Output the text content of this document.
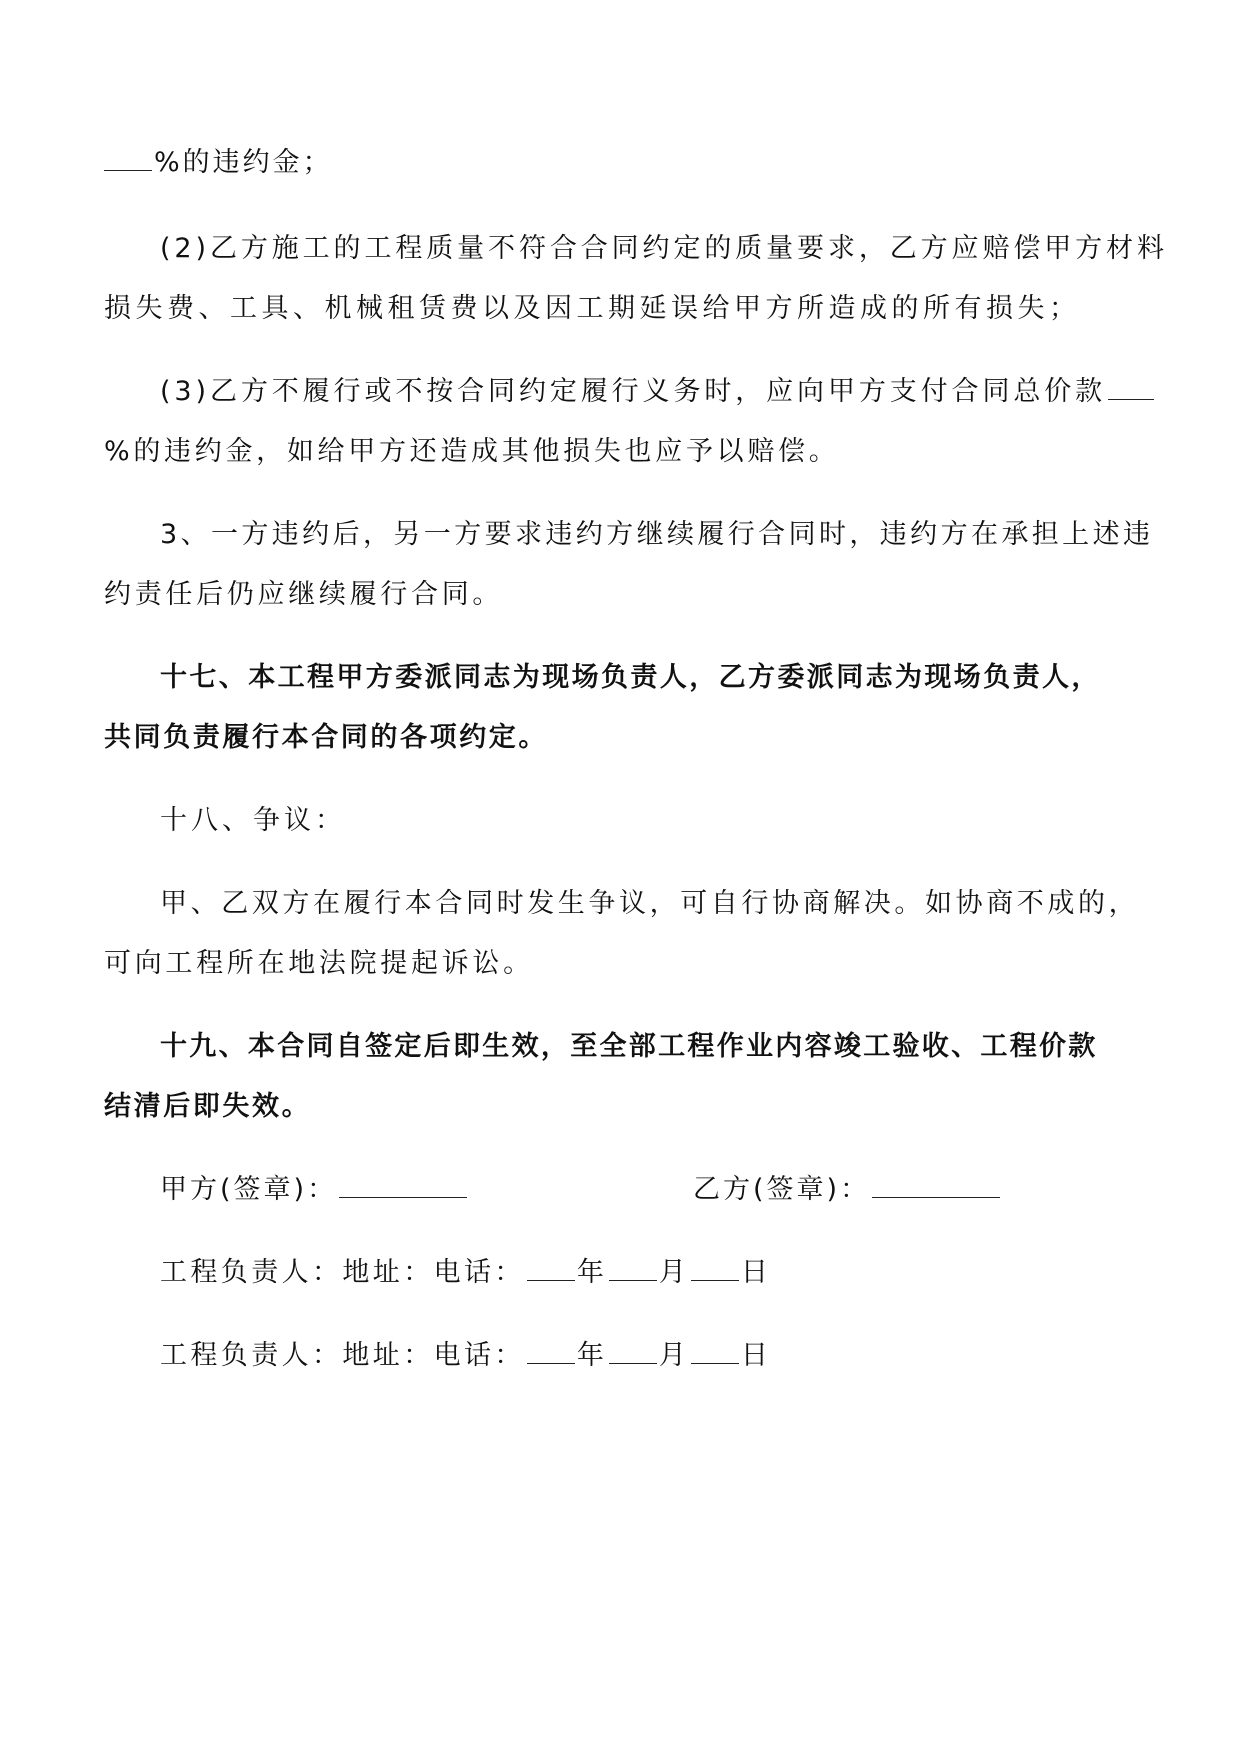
%的违约金；
(2)乙方施工的工程质量不符合合同约定的质量要求，乙方应赔偿甲方材料
损失费、工具、机械租赁费以及因工期延误给甲方所造成的所有损失；
(3)乙方不履行或不按合同约定履行义务时，应向甲方支付合同总价款
%的违约金，如给甲方还造成其他损失也应予以赔偿。
3、一方违约后，另一方要求违约方继续履行合同时，违约方在承担上述违
约责任后仍应继续履行合同。
十七、本工程甲方委派同志为现场负责人，乙方委派同志为现场负责人，
共同负责履行本合同的各项约定。
十八、争议：
甲、乙双方在履行本合同时发生争议，可自行协商解决。如协商不成的，
可向工程所在地法院提起诉讼。
十九、本合同自签定后即生效，至全部工程作业内容竣工验收、工程价款
结清后即失效。
甲方(签章)：	乙方(签章)：
工程负责人：地址：电话： 年 月 日
工程负责人：地址：电话： 年 月 日
